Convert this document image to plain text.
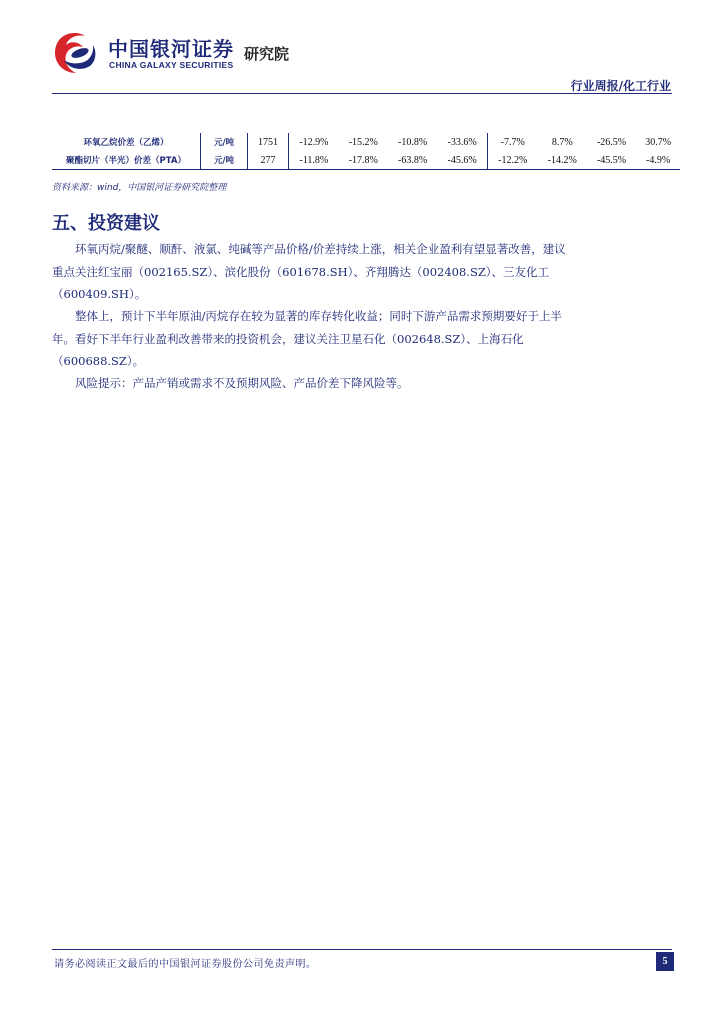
中国银河证券
CHINA GALAXY SECURITIES
研究院
行业周报/化工行业
环氧乙烷价差（乙烯）	元/吨	1751	-12.9%	-15.2%	-10.8%	-33.6%	-7.7%	8.7%	-26.5%	30.7%
聚酯切片（半光）价差（PTA）	元/吨	277	-11.8%	-17.8%	-63.8%	-45.6%	-12.2%	-14.2%	-45.5%	-4.9%
资料来源：wind，中国银河证券研究院整理
五、投资建议

环氧丙烷/聚醚、顺酐、液氯、纯碱等产品价格/价差持续上涨，相关企业盈利有望显著改善，建议重点关注红宝丽（002165.SZ）、滨化股份（601678.SH）、齐翔腾达（002408.SZ）、三友化工（600409.SH）。

整体上，预计下半年原油/丙烷存在较为显著的库存转化收益；同时下游产品需求预期要好于上半年。看好下半年行业盈利改善带来的投资机会，建议关注卫星石化（002648.SZ）、上海石化（600688.SZ）。

风险提示：产品产销或需求不及预期风险、产品价差下降风险等。

请务必阅读正文最后的中国银河证券股份公司免责声明。	5
